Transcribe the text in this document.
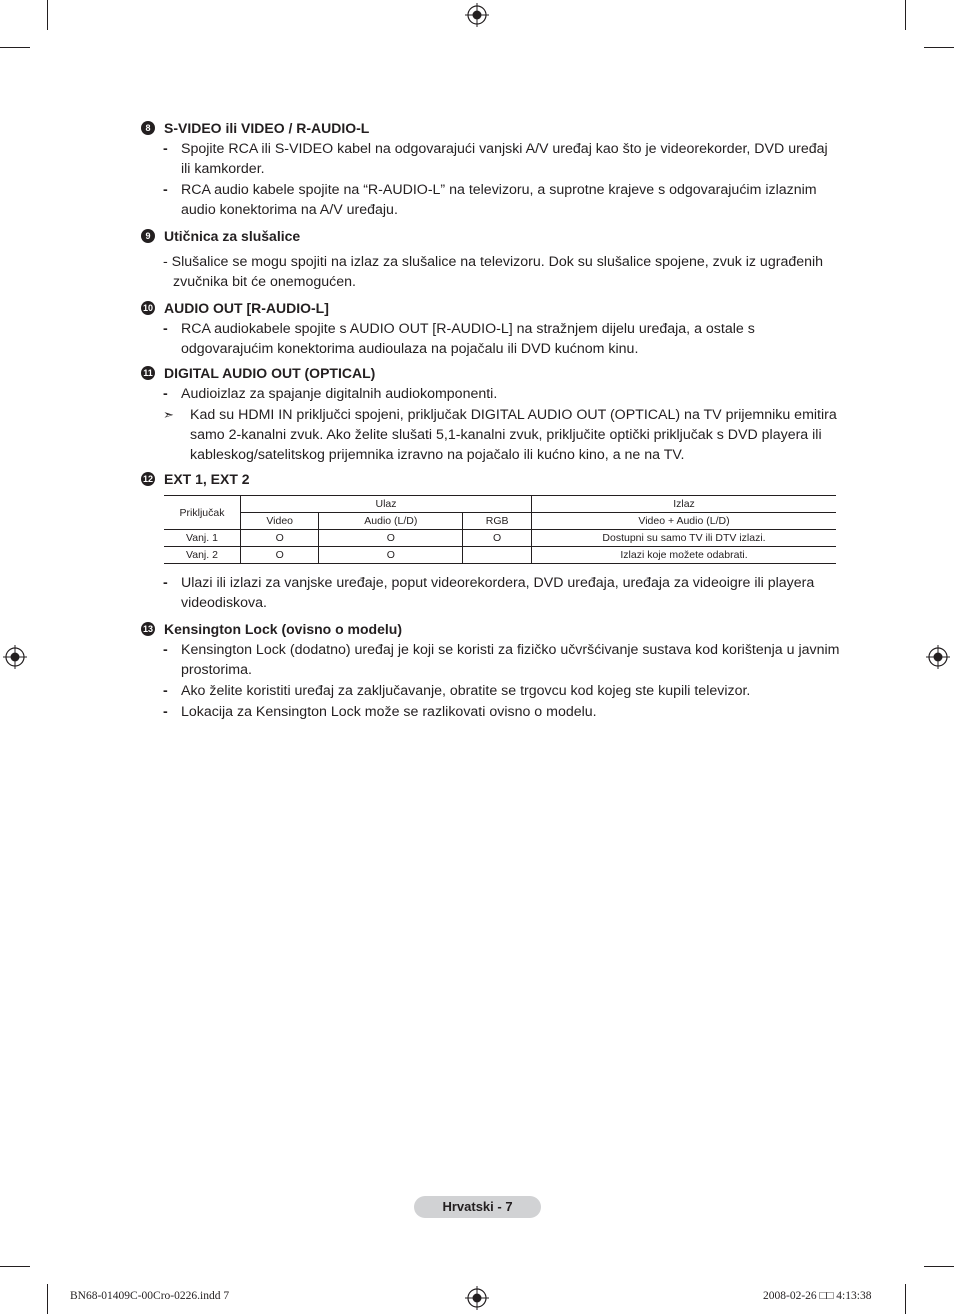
8 S-VIDEO ili VIDEO / R-AUDIO-L
- Spojite RCA ili S-VIDEO kabel na odgovarajući vanjski A/V uređaj kao što je videorekorder, DVD uređaj ili kamkorder.
- RCA audio kabele spojite na “R-AUDIO-L” na televizoru, a suprotne krajeve s odgovarajućim izlaznim audio konektorima na A/V uređaju.
9 Utičnica za slušalice
- Slušalice se mogu spojiti na izlaz za slušalice na televizoru. Dok su slušalice spojene, zvuk iz ugrađenih zvučnika bit će onemogućen.
10 AUDIO OUT [R-AUDIO-L]
- RCA audiokabele spojite s AUDIO OUT [R-AUDIO-L] na stražnjem dijelu uređaja, a ostale s odgovarajućim konektorima audioulaza na pojačalu ili DVD kućnom kinu.
11 DIGITAL AUDIO OUT (OPTICAL)
- Audioizlaz za spajanje digitalnih audiokomponenti.
➣	Kad su HDMI IN priključci spojeni, priključak DIGITAL AUDIO OUT (OPTICAL) na TV prijemniku emitira samo 2-kanalni zvuk. Ako želite slušati 5,1-kanalni zvuk, priključite optički priključak s DVD playera ili kableskog/satelitskog prijemnika izravno na pojačalo ili kućno kino, a ne na TV.
12 EXT 1, EXT 2
Priključak	Ulaz			Izlaz
	Video	Audio (L/D)	RGB	Video + Audio (L/D)
Vanj. 1	O	O	O	Dostupni su samo TV ili DTV izlazi.
Vanj. 2	O	O		Izlazi koje možete odabrati.
- Ulazi ili izlazi za vanjske uređaje, poput videorekordera, DVD uređaja, uređaja za videoigre ili playera videodiskova.
13 Kensington Lock (ovisno o modelu)
- Kensington Lock (dodatno) uređaj je koji se koristi za fizičko učvršćivanje sustava kod korištenja u javnim prostorima.
- Ako želite koristiti uređaj za zaključavanje, obratite se trgovcu kod kojeg ste kupili televizor.
- Lokacija za Kensington Lock može se razlikovati ovisno o modelu.
Hrvatski - 7
BN68-01409C-00Cro-0226.indd 7	2008-02-26 □□ 4:13:38
